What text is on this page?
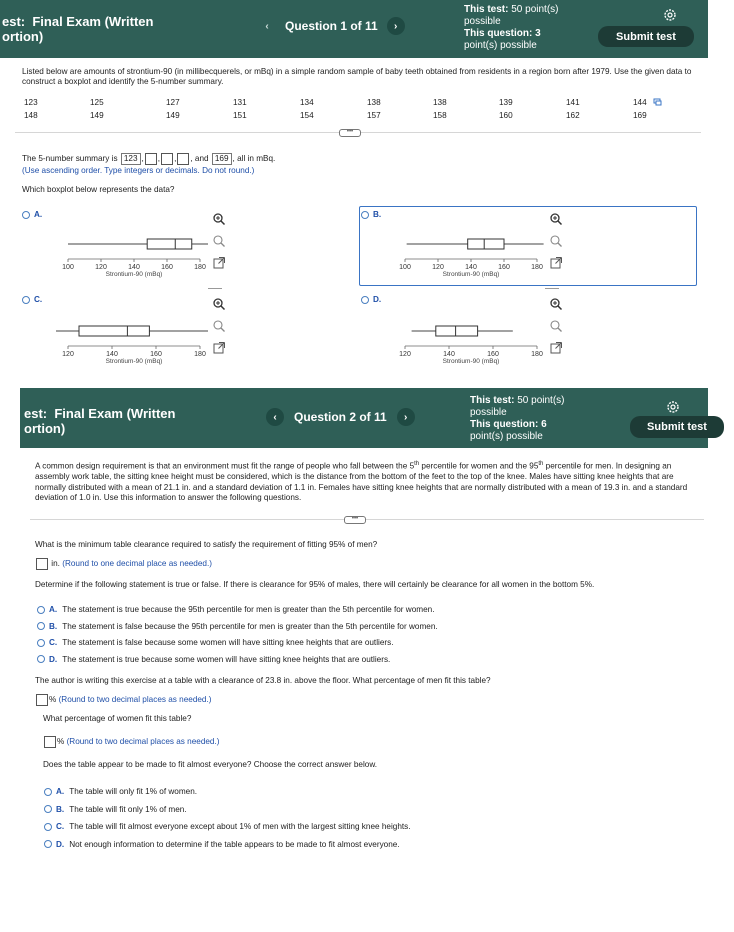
est:  Final Exam (Written
ortion)
‹	Question 1 of 11	›
This test: 50 point(s)
possible
This question: 3
point(s) possible
Submit test
Listed below are amounts of strontium-90 (in millibecquerels, or mBq) in a simple random sample of baby teeth obtained from residents in a region born after 1979. Use the given data to construct a boxplot and identify the 5-number summary.
123	125	127	131	134	138	138	139	141	144	
148	149	149	151	154	157	158	160	162	169	
•••
The 5-number summary is 123 , , , , and 169 , all in mBq.
(Use ascending order. Type integers or decimals. Do not round.)
Which boxplot below represents the data?
A.	B.
C.	D.
100	120	140	160	180
Strontium-90 (mBq)
100	120	140	160	180
Strontium-90 (mBq)
120	140	160	180
Strontium-90 (mBq)
120	140	160	180
Strontium-90 (mBq)
est:  Final Exam (Written
ortion)
‹	Question 2 of 11	›
This test: 50 point(s)
possible
This question: 6
point(s) possible
Submit test
A common design requirement is that an environment must fit the range of people who fall between the 5th percentile for women and the 95th percentile for men. In designing an assembly work table, the sitting knee height must be considered, which is the distance from the bottom of the feet to the top of the knee. Males have sitting knee heights that are normally distributed with a mean of 21.1 in. and a standard deviation of 1.1 in. Females have sitting knee heights that are normally distributed with a mean of 19.3 in. and a standard deviation of 1.0 in. Use this information to answer the following questions.
•••
What is the minimum table clearance required to satisfy the requirement of fitting 95% of men?
in. (Round to one decimal place as needed.)
Determine if the following statement is true or false. If there is clearance for 95% of males, there will certainly be clearance for all women in the bottom 5%.
A. The statement is true because the 95th percentile for men is greater than the 5th percentile for women.
B. The statement is false because the 95th percentile for men is greater than the 5th percentile for women.
C. The statement is false because some women will have sitting knee heights that are outliers.
D. The statement is true because some women will have sitting knee heights that are outliers.
The author is writing this exercise at a table with a clearance of 23.8 in. above the floor. What percentage of men fit this table?
% (Round to two decimal places as needed.)
What percentage of women fit this table?
% (Round to two decimal places as needed.)
Does the table appear to be made to fit almost everyone? Choose the correct answer below.
A. The table will only fit 1% of women.
B. The table will fit only 1% of men.
C. The table will fit almost everyone except about 1% of men with the largest sitting knee heights.
D. Not enough information to determine if the table appears to be made to fit almost everyone.
